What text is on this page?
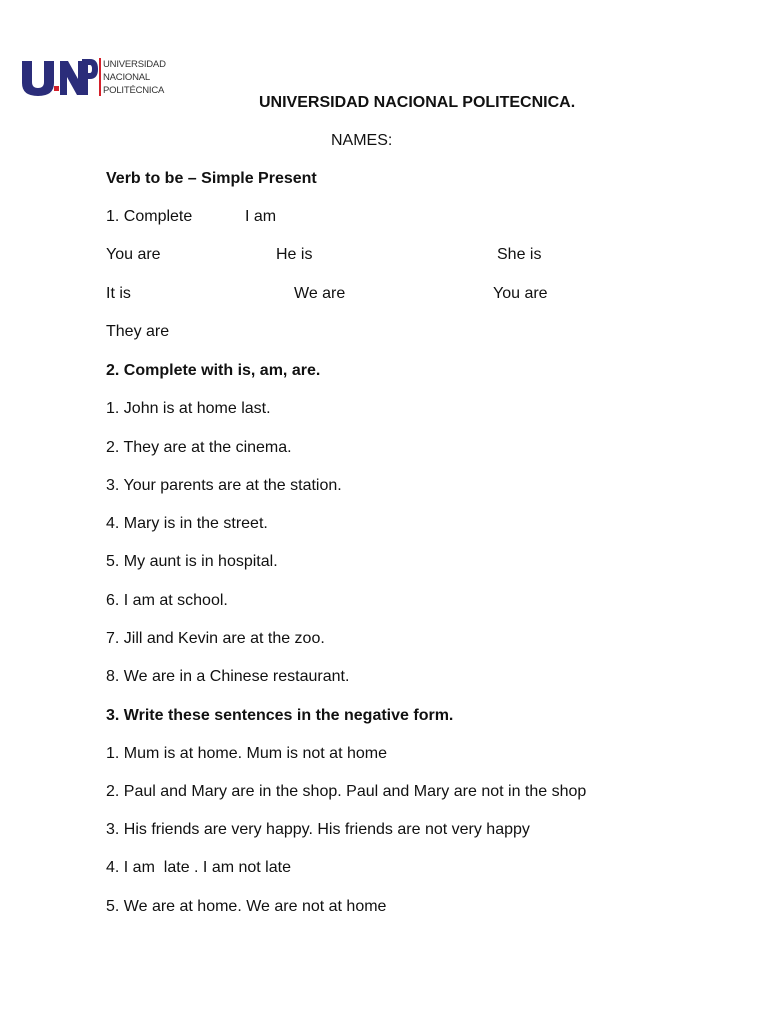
UNIVERSIDAD
NACIONAL
POLITÉCNICA
UNIVERSIDAD NACIONAL POLITECNICA.
NAMES:
Verb to be – Simple Present
1. Complete	I am
You are	He is	She is
It is	We are	You are
They are
2. Complete with is, am, are.
1. John is at home last.
2. They are at the cinema.
3. Your parents are at the station.
4. Mary is in the street.
5. My aunt is in hospital.
6. I am at school.
7. Jill and Kevin are at the zoo.
8. We are in a Chinese restaurant.
3. Write these sentences in the negative form.
1. Mum is at home. Mum is not at home
2. Paul and Mary are in the shop. Paul and Mary are not in the shop
3. His friends are very happy. His friends are not very happy
4. I am  late . I am not late
5. We are at home. We are not at home
